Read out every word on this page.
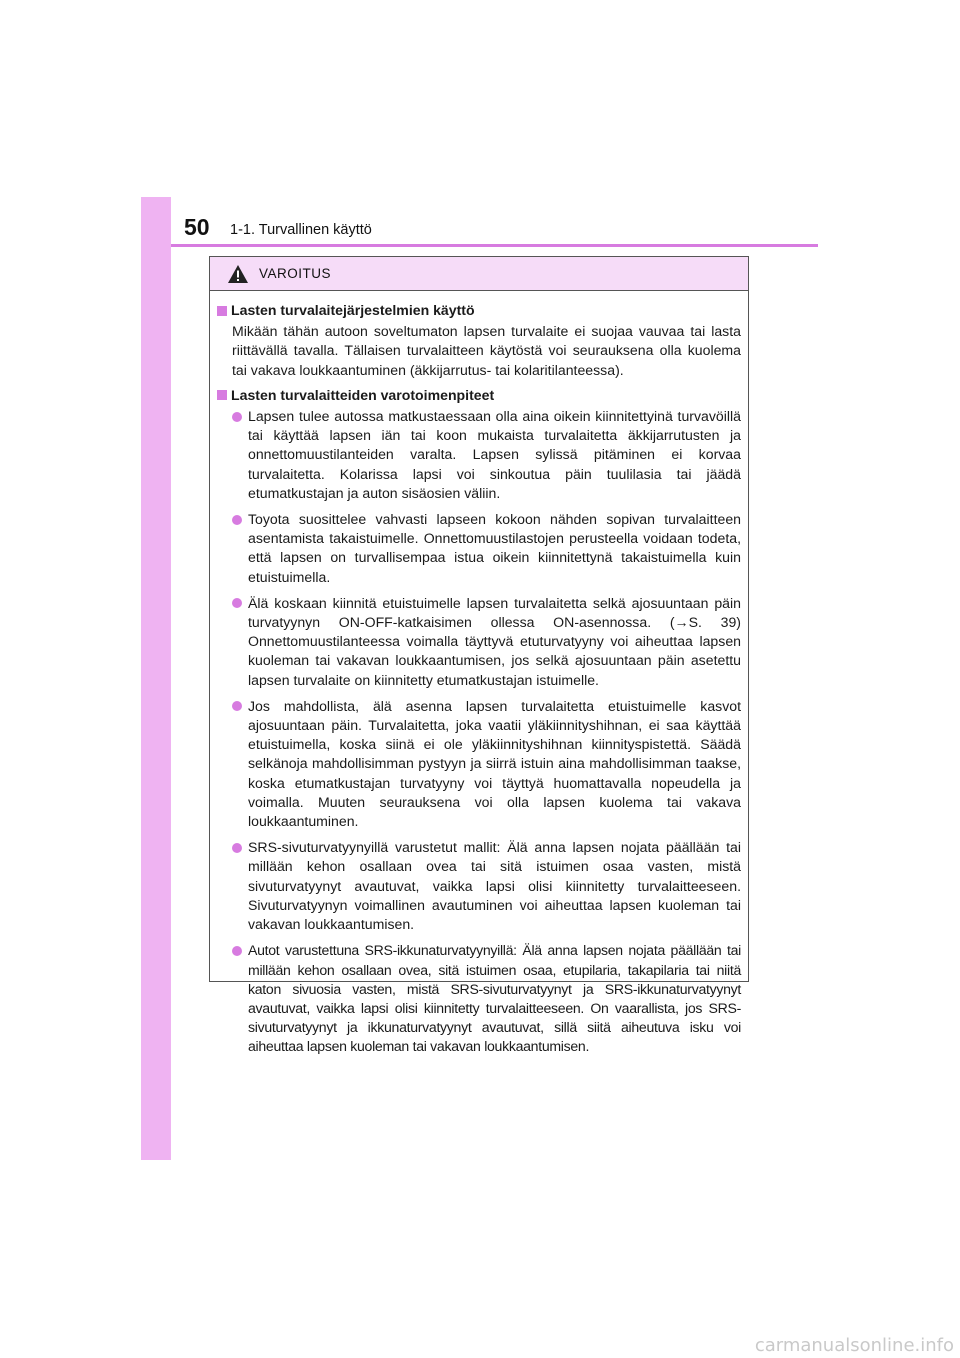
50 1-1. Turvallinen käyttö
VAROITUS
Lasten turvalaitejärjestelmien käyttö
Mikään tähän autoon soveltumaton lapsen turvalaite ei suojaa vauvaa tai lasta riittävällä tavalla. Tällaisen turvalaitteen käytöstä voi seurauksena olla kuolema tai vakava loukkaantuminen (äkkijarrutus- tai kolaritilanteessa).
Lasten turvalaitteiden varotoimenpiteet
Lapsen tulee autossa matkustaessaan olla aina oikein kiinnitettyinä turvavöillä tai käyttää lapsen iän tai koon mukaista turvalaitetta äkkijarrutusten ja onnettomuustilanteiden varalta. Lapsen sylissä pitäminen ei korvaa turvalaitetta. Kolarissa lapsi voi sinkoutua päin tuulilasia tai jäädä etumatkustajan ja auton sisäosien väliin.
Toyota suosittelee vahvasti lapseen kokoon nähden sopivan turvalaitteen asentamista takaistuimelle. Onnettomuustilastojen perusteella voidaan todeta, että lapsen on turvallisempaa istua oikein kiinnitettynä takaistuimella kuin etuistuimella.
Älä koskaan kiinnitä etuistuimelle lapsen turvalaitetta selkä ajosuuntaan päin turvatyynyn ON-OFF-katkaisimen ollessa ON-asennossa. (→S. 39) Onnettomuustilanteessa voimalla täyttyvä etuturvatyyny voi aiheuttaa lapsen kuoleman tai vakavan loukkaantumisen, jos selkä ajosuuntaan päin asetettu lapsen turvalaite on kiinnitetty etumatkustajan istuimelle.
Jos mahdollista, älä asenna lapsen turvalaitetta etuistuimelle kasvot ajosuuntaan päin. Turvalaitetta, joka vaatii yläkiinnityshihnan, ei saa käyttää etuistuimella, koska siinä ei ole yläkiinnityshihnan kiinnityspistettä. Säädä selkänoja mahdollisimman pystyyn ja siirrä istuin aina mahdollisimman taakse, koska etumatkustajan turvatyyny voi täyttyä huomattavalla nopeudella ja voimalla. Muuten seurauksena voi olla lapsen kuolema tai vakava loukkaantuminen.
SRS-sivuturvatyynyillä varustetut mallit: Älä anna lapsen nojata päällään tai millään kehon osallaan ovea tai sitä istuimen osaa vasten, mistä sivuturvatyynyt avautuvat, vaikka lapsi olisi kiinnitetty turvalaitteeseen. Sivuturvatyynyn voimallinen avautuminen voi aiheuttaa lapsen kuoleman tai vakavan loukkaantumisen.
Autot varustettuna SRS-ikkunaturvatyynyillä: Älä anna lapsen nojata päällään tai millään kehon osallaan ovea, sitä istuimen osaa, etupilaria, takapilaria tai niitä katon sivuosia vasten, mistä SRS-sivuturvatyynyt ja SRS-ikkunaturvatyynyt avautuvat, vaikka lapsi olisi kiinnitetty turvalaitteeseen. On vaarallista, jos SRS-sivuturvatyynyt ja ikkunaturvatyynyt avautuvat, sillä siitä aiheutuva isku voi aiheuttaa lapsen kuoleman tai vakavan loukkaantumisen.
carmanualsonline.info
